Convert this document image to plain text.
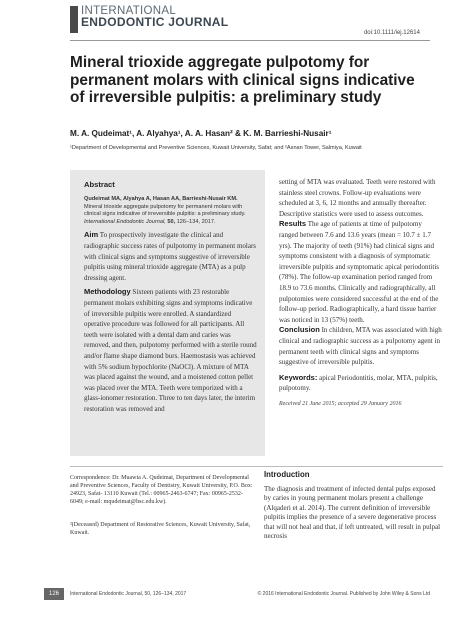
INTERNATIONAL
ENDODONTIC JOURNAL
doi:10.1111/iej.12614
Mineral trioxide aggregate pulpotomy for permanent molars with clinical signs indicative of irreversible pulpitis: a preliminary study
M. A. Qudeimat¹, A. Alyahya¹, A. A. Hasan² & K. M. Barrieshi-Nusair¹
¹Department of Developmental and Preventive Sciences, Kuwait University, Safat; and ²Asnan Tower, Salmiya, Kuwait
Abstract
Qudeimat MA, Alyahya A, Hasan AA, Barrieshi-Nusair KM. Mineral trioxide aggregate pulpotomy for permanent molars with clinical signs indicative of irreversible pulpitis: a preliminary study. International Endodontic Journal, 50, 126–134, 2017.
Aim To prospectively investigate the clinical and radiographic success rates of pulpotomy in permanent molars with clinical signs and symptoms suggestive of irreversible pulpitis using mineral trioxide aggregate (MTA) as a pulp dressing agent.
Methodology Sixteen patients with 23 restorable permanent molars exhibiting signs and symptoms indicative of irreversible pulpitis were enrolled. A standardized operative procedure was followed for all participants. All teeth were isolated with a dental dam and caries was removed, and then, pulpotomy performed with a sterile round and/or flame shape diamond burs. Haemostasis was achieved with 5% sodium hypochlorite (NaOCl). A mixture of MTA was placed against the wound, and a moistened cotton pellet was placed over the MTA. Teeth were temporized with a glass-ionomer restoration. Three to ten days later, the interim restoration was removed and

setting of MTA was evaluated. Teeth were restored with stainless steel crowns. Follow-up evaluations were scheduled at 3, 6, 12 months and annually thereafter. Descriptive statistics were used to assess outcomes.

Results The age of patients at time of pulpotomy ranged between 7.6 and 13.6 years (mean = 10.7 ± 1.7 yrs). The majority of teeth (91%) had clinical signs and symptoms consistent with a diagnosis of symptomatic irreversible pulpitis and symptomatic apical periodontitis (78%). The follow-up examination period ranged from 18.9 to 73.6 months. Clinically and radiographically, all pulpotomies were considered successful at the end of the follow-up period. Radiographically, a hard tissue barrier was noticed in 13 (57%) teeth.

Conclusion In children, MTA was associated with high clinical and radiographic success as a pulpotomy agent in permanent teeth with clinical signs and symptoms suggestive of irreversible pulpitis.

Keywords: apical Periodontitis, molar, MTA, pulpitis, pulpotomy.

Received 21 June 2015; accepted 29 January 2016
Correspondence: Dr. Muawia A. Qudeimat, Department of Developmental and Preventive Sciences, Faculty of Dentistry, Kuwait University, P.O. Box: 24923, Safat- 13110 Kuwait (Tel.: 00965-2463-6747; Fax: 00965-2532-6049; e-mail: mqudeimat@hsc.edu.kw).
²(Deceased) Department of Restorative Sciences, Kuwait University, Safat, Kuwait.
Introduction
The diagnosis and treatment of infected dental pulps exposed by caries in young permanent molars present a challenge (Alqaderi et al. 2014). The current definition of irreversible pulpitis implies the presence of a severe degenerative process that will not heal and that, if left untreated, will result in pulpal necrosis
126	International Endodontic Journal, 50, 126–134, 2017	© 2016 International Endodontic Journal. Published by John Wiley & Sons Ltd
